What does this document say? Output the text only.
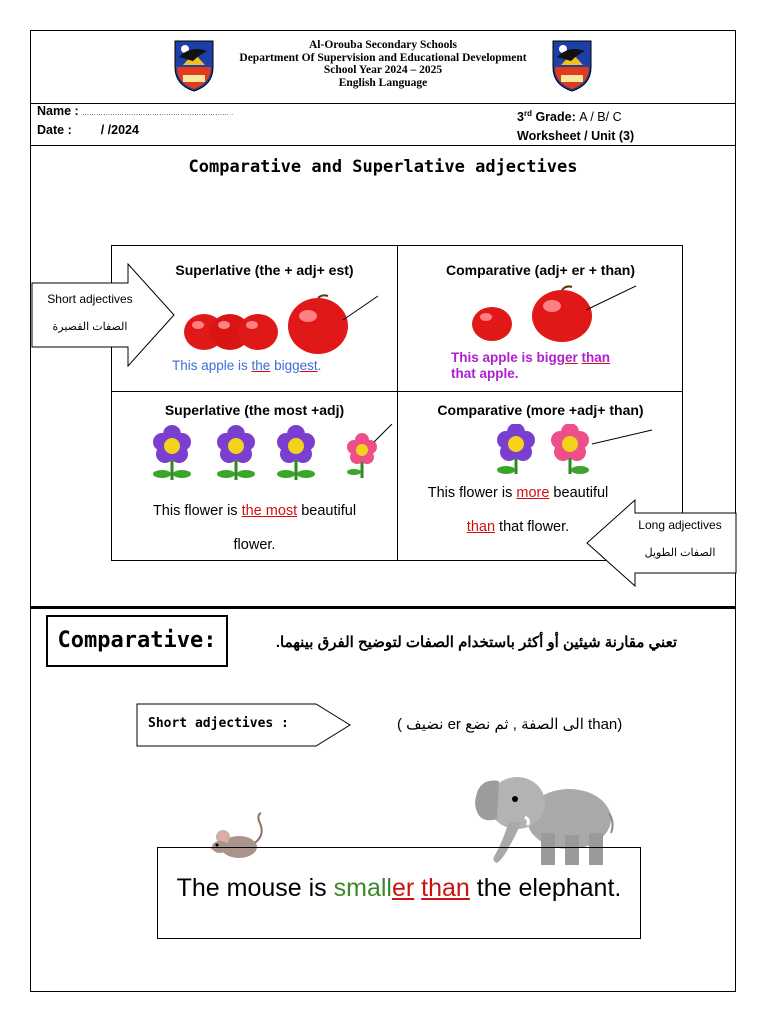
Al-Orouba Secondary Schools
Department Of Supervision and Educational Development
School Year 2024 – 2025
English Language
Name : ……………………………………………………… .
Date : / /2024
3rd Grade: A / B/ C
Worksheet / Unit (3)
Comparative and Superlative adjectives
Superlative (the + adj+ est)
This apple is the biggest.
Comparative (adj+ er + than)
This apple is bigger than
that apple.
Superlative (the most +adj)
This flower is the most beautiful
flower.
Comparative (more +adj+ than)
This flower is more beautiful
than that flower.
Short adjectives
الصفات القصيرة
Long adjectives
الصفات الطويل
Comparative:	تعني مقارنة شيئين أو أكثر باستخدام الصفات لتوضيح الفرق بينهما.
Short adjectives :	( نضيف er الى الصفة , ثم نضع than)
The mouse is smaller than the elephant.
